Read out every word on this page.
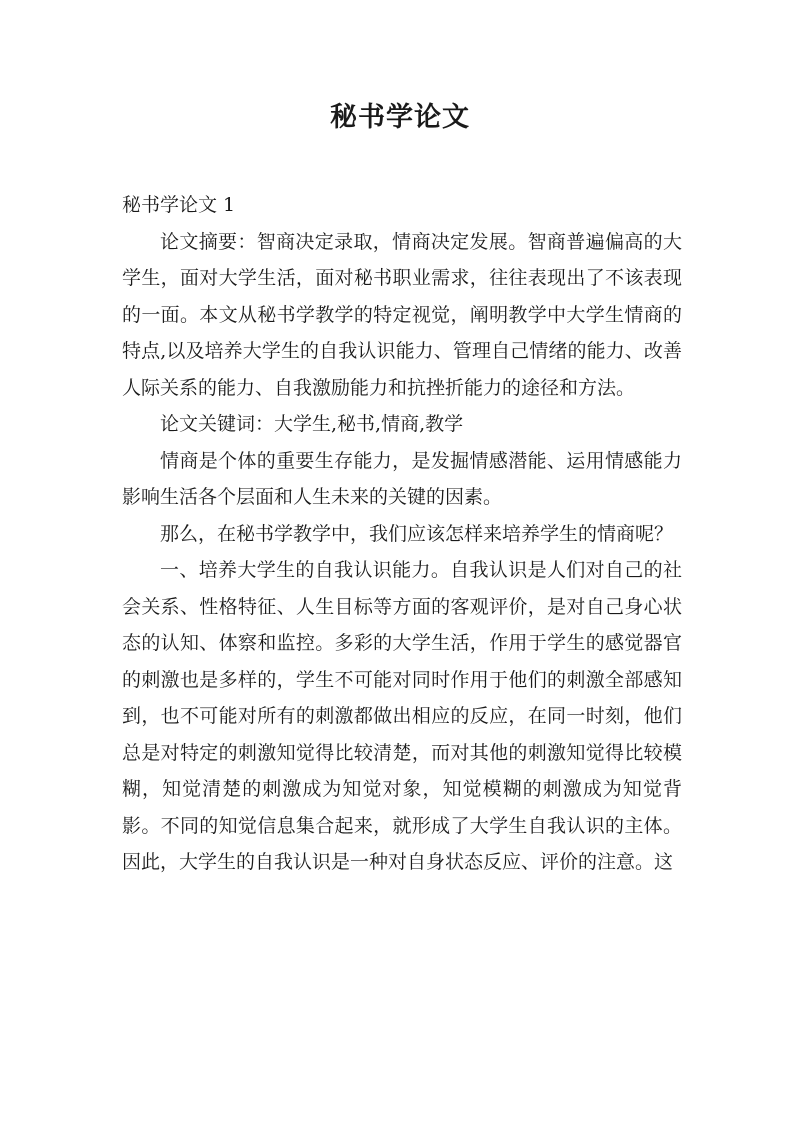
秘书学论文

秘书学论文 1

论文摘要：智商决定录取，情商决定发展。智商普遍偏高的大学生，面对大学生活，面对秘书职业需求，往往表现出了不该表现的一面。本文从秘书学教学的特定视觉，阐明教学中大学生情商的特点,以及培养大学生的自我认识能力、管理自己情绪的能力、改善人际关系的能力、自我激励能力和抗挫折能力的途径和方法。

论文关键词：大学生,秘书,情商,教学

情商是个体的重要生存能力，是发掘情感潜能、运用情感能力影响生活各个层面和人生未来的关键的因素。

那么，在秘书学教学中，我们应该怎样来培养学生的情商呢？

一、培养大学生的自我认识能力。自我认识是人们对自己的社会关系、性格特征、人生目标等方面的客观评价，是对自己身心状态的认知、体察和监控。多彩的大学生活，作用于学生的感觉器官的刺激也是多样的，学生不可能对同时作用于他们的刺激全部感知到，也不可能对所有的刺激都做出相应的反应，在同一时刻，他们总是对特定的刺激知觉得比较清楚，而对其他的刺激知觉得比较模糊，知觉清楚的刺激成为知觉对象，知觉模糊的刺激成为知觉背影。不同的知觉信息集合起来，就形成了大学生自我认识的主体。因此，大学生的自我认识是一种对自身状态反应、评价的注意。这
